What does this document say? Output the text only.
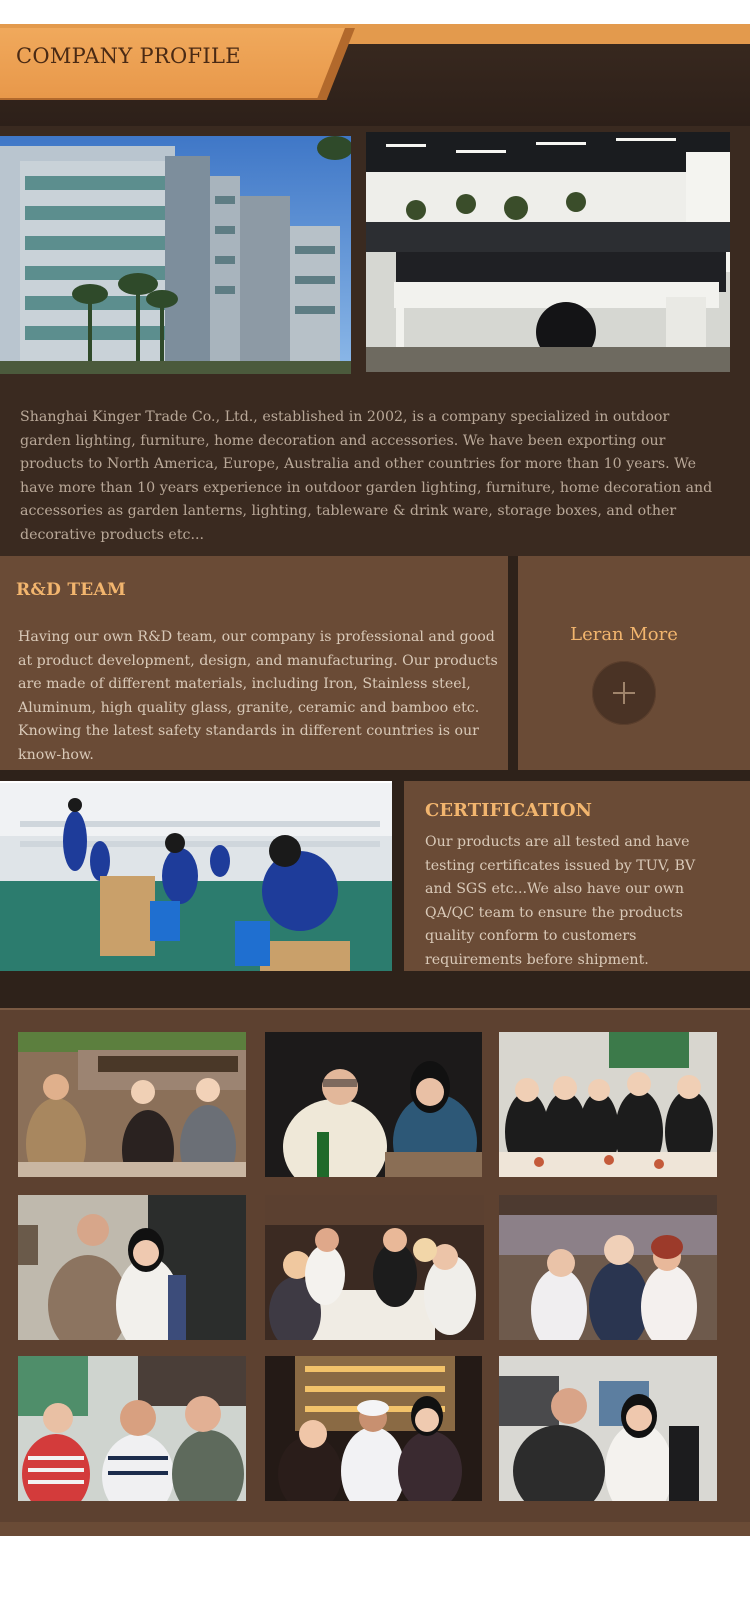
COMPANY PROFILE
Shanghai Kinger Trade Co., Ltd., established in 2002, is a company specialized in outdoor garden lighting, furniture, home decoration and accessories. We have been exporting our products to North America, Europe, Australia and other countries for more than 10 years. We have more than 10 years experience in outdoor garden lighting, furniture, home decoration and accessories as garden lanterns, lighting, tableware & drink ware, storage boxes, and other decorative products etc...
R&D TEAM
Having our own R&D team, our company is professional and good at product development, design, and manufacturing. Our products are made of different materials, including Iron, Stainless steel, Aluminum, high quality glass, granite, ceramic and bamboo etc. Knowing the latest safety standards in different countries is our know-how.
Leran More
CERTIFICATION
Our products are all tested and have testing certificates issued by TUV, BV and SGS etc...We also have our own QA/QC team to ensure the products quality conform to customers requirements before shipment.
